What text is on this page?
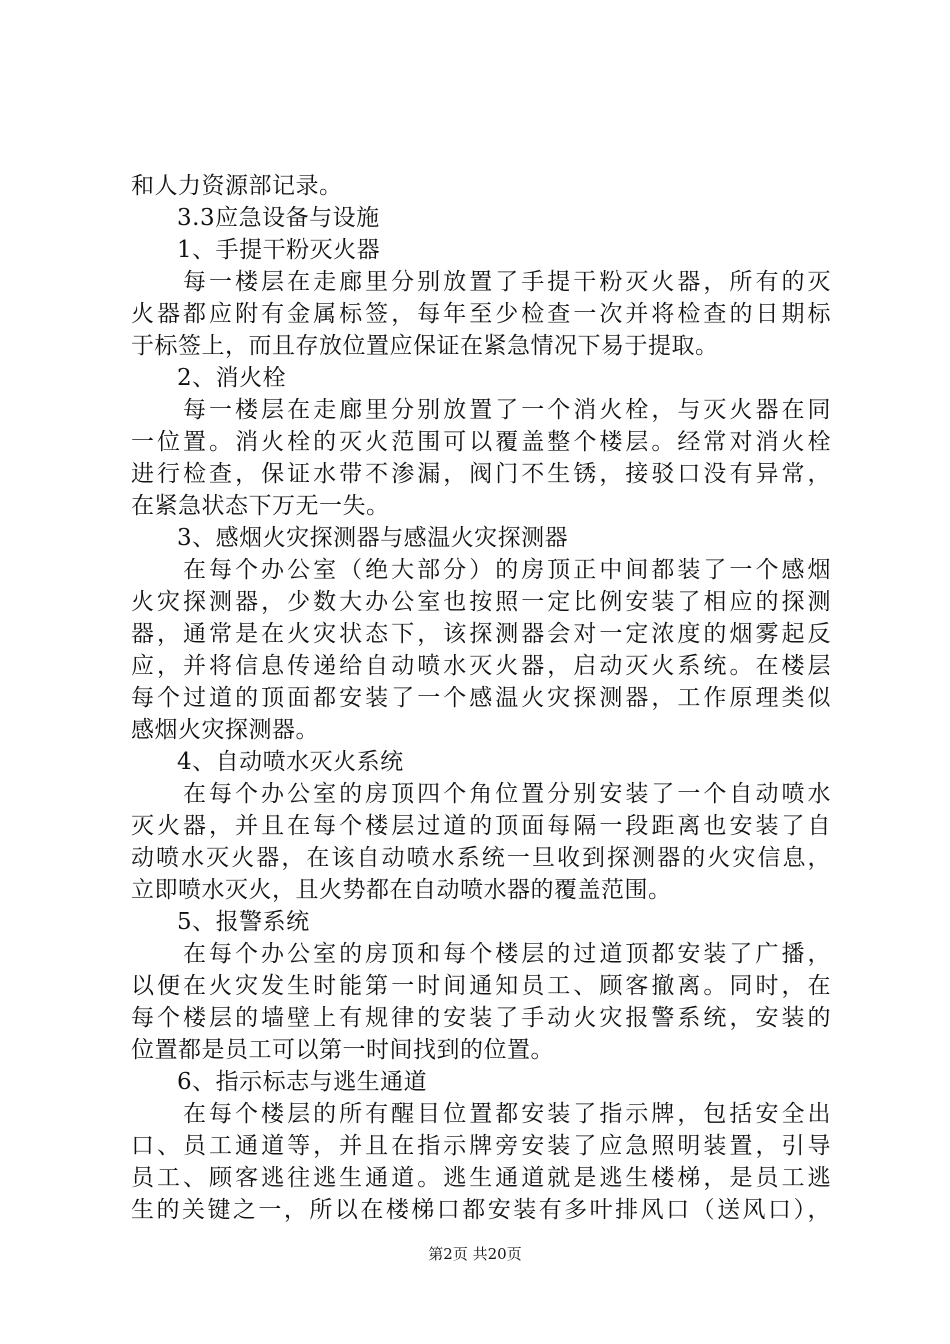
和人力资源部记录。
3.3应急设备与设施
1、手提干粉灭火器
每一楼层在走廊里分别放置了手提干粉灭火器，所有的灭
火器都应附有金属标签，每年至少检查一次并将检查的日期标
于标签上，而且存放位置应保证在紧急情况下易于提取。
2、消火栓
每一楼层在走廊里分别放置了一个消火栓，与灭火器在同
一位置。消火栓的灭火范围可以覆盖整个楼层。经常对消火栓
进行检查，保证水带不渗漏，阀门不生锈，接驳口没有异常，
在紧急状态下万无一失。
3、感烟火灾探测器与感温火灾探测器
在每个办公室（绝大部分）的房顶正中间都装了一个感烟
火灾探测器，少数大办公室也按照一定比例安装了相应的探测
器，通常是在火灾状态下，该探测器会对一定浓度的烟雾起反
应，并将信息传递给自动喷水灭火器，启动灭火系统。在楼层
每个过道的顶面都安装了一个感温火灾探测器，工作原理类似
感烟火灾探测器。
4、自动喷水灭火系统
在每个办公室的房顶四个角位置分别安装了一个自动喷水
灭火器，并且在每个楼层过道的顶面每隔一段距离也安装了自
动喷水灭火器，在该自动喷水系统一旦收到探测器的火灾信息，
立即喷水灭火，且火势都在自动喷水器的覆盖范围。
5、报警系统
在每个办公室的房顶和每个楼层的过道顶都安装了广播，
以便在火灾发生时能第一时间通知员工、顾客撤离。同时，在
每个楼层的墙壁上有规律的安装了手动火灾报警系统，安装的
位置都是员工可以第一时间找到的位置。
6、指示标志与逃生通道
在每个楼层的所有醒目位置都安装了指示牌，包括安全出
口、员工通道等，并且在指示牌旁安装了应急照明装置，引导
员工、顾客逃往逃生通道。逃生通道就是逃生楼梯，是员工逃
生的关键之一，所以在楼梯口都安装有多叶排风口（送风口），
第2页 共20页
